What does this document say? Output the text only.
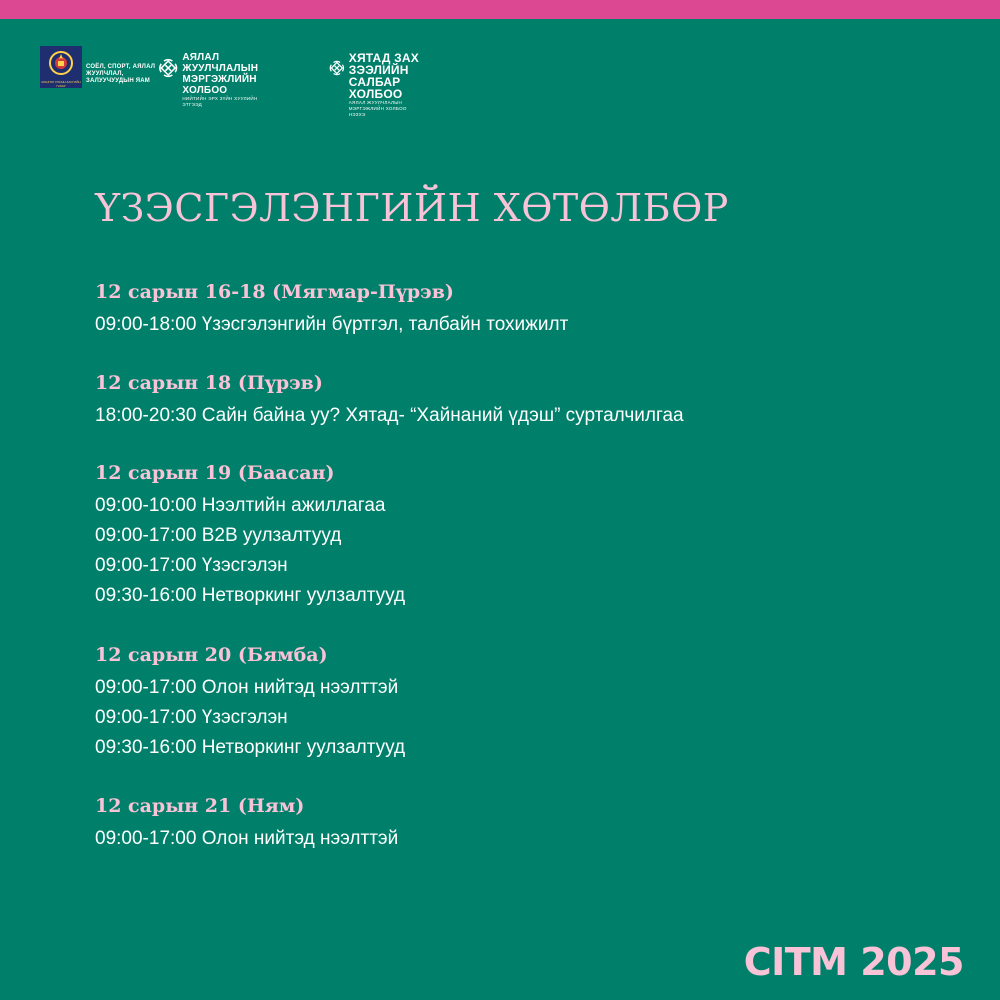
МОНГОЛ УЛСЫН ЗАСГИЙН ГАЗАР
СОЁЛ, СПОРТ, АЯЛАЛ ЖУУЛЧЛАЛ, ЗАЛУУЧУУДЫН ЯАМ
АЯЛАЛ ЖУУЛЧЛАЛЫН
МЭРГЭЖЛИЙН ХОЛБОО
НИЙТИЙН ЭРХ ЗҮЙН ХУУЛИЙН ЭТГЭЭД
ХЯТАД ЗАХ ЗЭЭЛИЙН
САЛБАР ХОЛБОО
АЯЛАЛ ЖУУЛЧЛАЛЫН МЭРГЭЖЛИЙН ХОЛБОО НЭЗХЭ
ҮЗЭСГЭЛЭНГИЙН ХӨТӨЛБӨР
12 сарын 16-18 (Мягмар-Пүрэв)
09:00-18:00 Үзэсгэлэнгийн бүртгэл, талбайн тохижилт
12 сарын 18 (Пүрэв)
18:00-20:30 Сайн байна уу? Хятад- “Хайнаний үдэш” сурталчилгаа
12 сарын 19 (Баасан)
09:00-10:00 Нээлтийн ажиллагаа
09:00-17:00 B2B уулзалтууд
09:00-17:00 Үзэсгэлэн
09:30-16:00 Нетворкинг уулзалтууд
12 сарын 20 (Бямба)
09:00-17:00 Олон нийтэд нээлттэй
09:00-17:00 Үзэсгэлэн
09:30-16:00 Нетворкинг уулзалтууд
12 сарын 21 (Ням)
09:00-17:00 Олон нийтэд нээлттэй
CITM 2025
